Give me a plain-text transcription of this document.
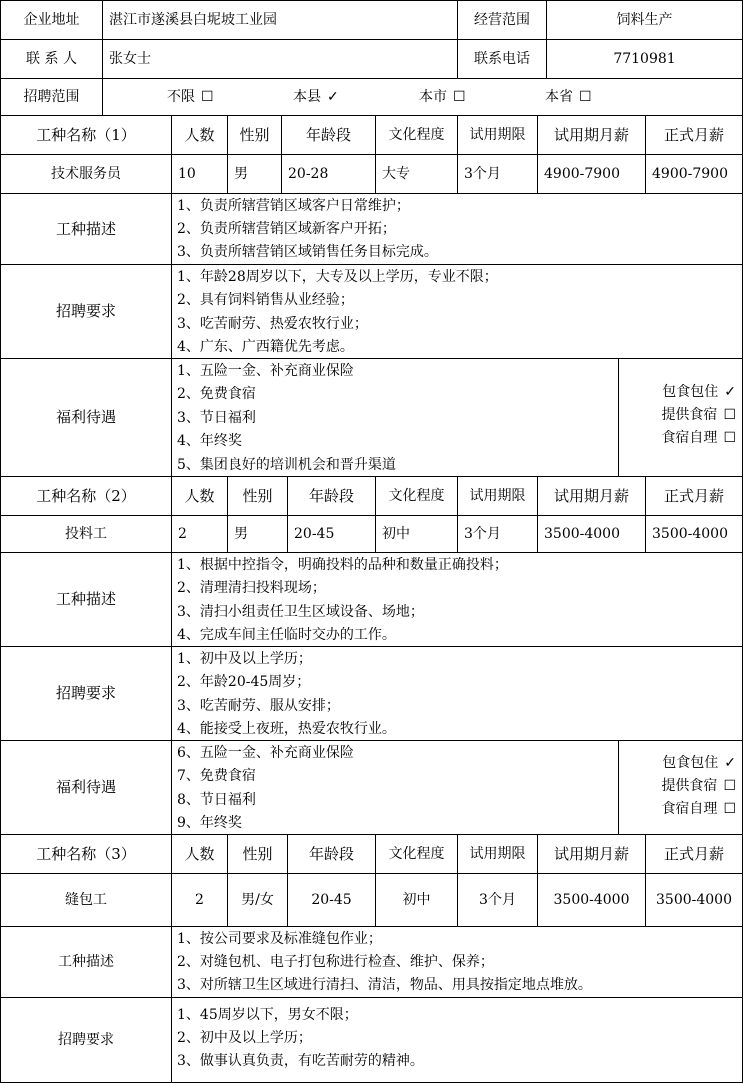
企业地址	湛江市遂溪县白坭坡工业园	经营范围	饲料生产
联 系 人	张女士	联系电话	7710981
招聘范围	不限 ☐	本县 ✓	本市 ☐	本省 ☐
工种名称（1）	人数	性别	年龄段	文化程度	试用期限	试用期月薪	正式月薪
技术服务员	10	男	20-28	大专	3个月	4900-7900	4900-7900
工种描述
1、负责所辖营销区域客户日常维护；
2、负责所辖营销区域新客户开拓；
3、负责所辖营销区域销售任务目标完成。
招聘要求
1、年龄28周岁以下，大专及以上学历，专业不限；
2、具有饲料销售从业经验；
3、吃苦耐劳、热爱农牧行业；
4、广东、广西籍优先考虑。
福利待遇
1、五险一金、补充商业保险
2、免费食宿
3、节日福利
4、年终奖
5、集团良好的培训机会和晋升渠道
包食包住 ✓
提供食宿 ☐
食宿自理 ☐
工种名称（2）	人数	性别	年龄段	文化程度	试用期限	试用期月薪	正式月薪
投料工	2	男	20-45	初中	3个月	3500-4000	3500-4000
工种描述
1、根据中控指令，明确投料的品种和数量正确投料；
2、清理清扫投料现场；
3、清扫小组责任卫生区域设备、场地；
4、完成车间主任临时交办的工作。
招聘要求
1、初中及以上学历；
2、年龄20-45周岁；
3、吃苦耐劳、服从安排；
4、能接受上夜班，热爱农牧行业。
福利待遇
6、五险一金、补充商业保险
7、免费食宿
8、节日福利
9、年终奖
包食包住 ✓
提供食宿 ☐
食宿自理 ☐
工种名称（3）	人数	性别	年龄段	文化程度	试用期限	试用期月薪	正式月薪
缝包工	2	男/女	20-45	初中	3个月	3500-4000	3500-4000
工种描述
1、按公司要求及标准缝包作业；
2、对缝包机、电子打包称进行检查、维护、保养；
3、对所辖卫生区域进行清扫、清洁，物品、用具按指定地点堆放。
招聘要求
1、45周岁以下，男女不限；
2、初中及以上学历；
3、做事认真负责，有吃苦耐劳的精神。
